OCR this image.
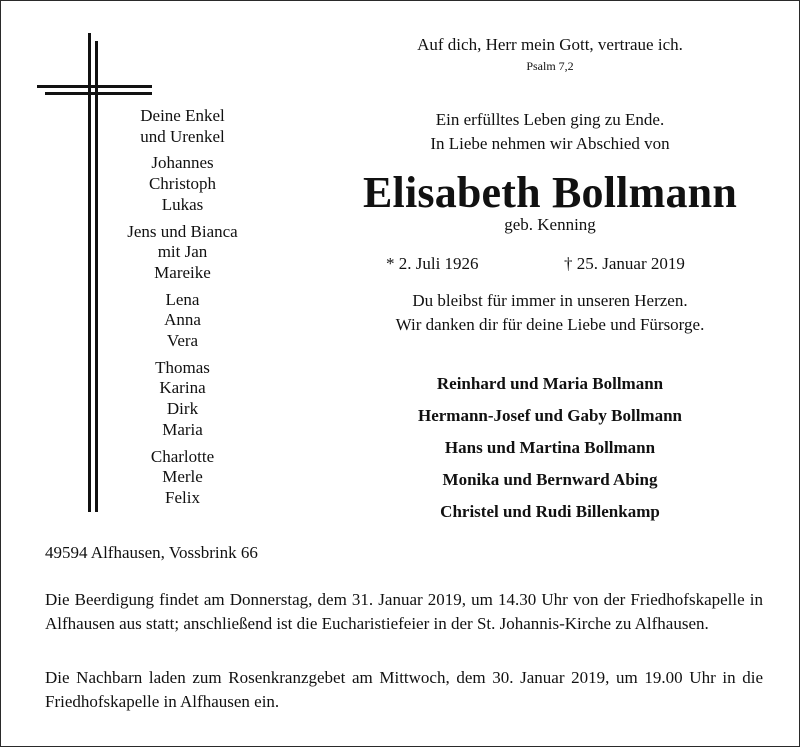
Deine Enkel
und Urenkel
Johannes
Christoph
Lukas
Jens und Bianca
mit Jan
Mareike
Lena
Anna
Vera
Thomas
Karina
Dirk
Maria
Charlotte
Merle
Felix
Auf dich, Herr mein Gott, vertraue ich.
Psalm 7,2
Ein erfülltes Leben ging zu Ende.
In Liebe nehmen wir Abschied von
Elisabeth Bollmann
geb. Kenning
* 2. Juli 1926	† 25. Januar 2019
Du bleibst für immer in unseren Herzen.
Wir danken dir für deine Liebe und Fürsorge.
Reinhard und Maria Bollmann
Hermann-Josef und Gaby Bollmann
Hans und Martina Bollmann
Monika und Bernward Abing
Christel und Rudi Billenkamp
49594 Alfhausen, Vossbrink 66
Die Beerdigung findet am Donnerstag, dem 31. Januar 2019, um 14.30 Uhr von der Friedhofskapelle in Alfhausen aus statt; anschließend ist die Eucharistiefeier in der St. Johannis-Kirche zu Alfhausen.
Die Nachbarn laden zum Rosenkranzgebet am Mittwoch, dem 30. Januar 2019, um 19.00 Uhr in die Friedhofskapelle in Alfhausen ein.
